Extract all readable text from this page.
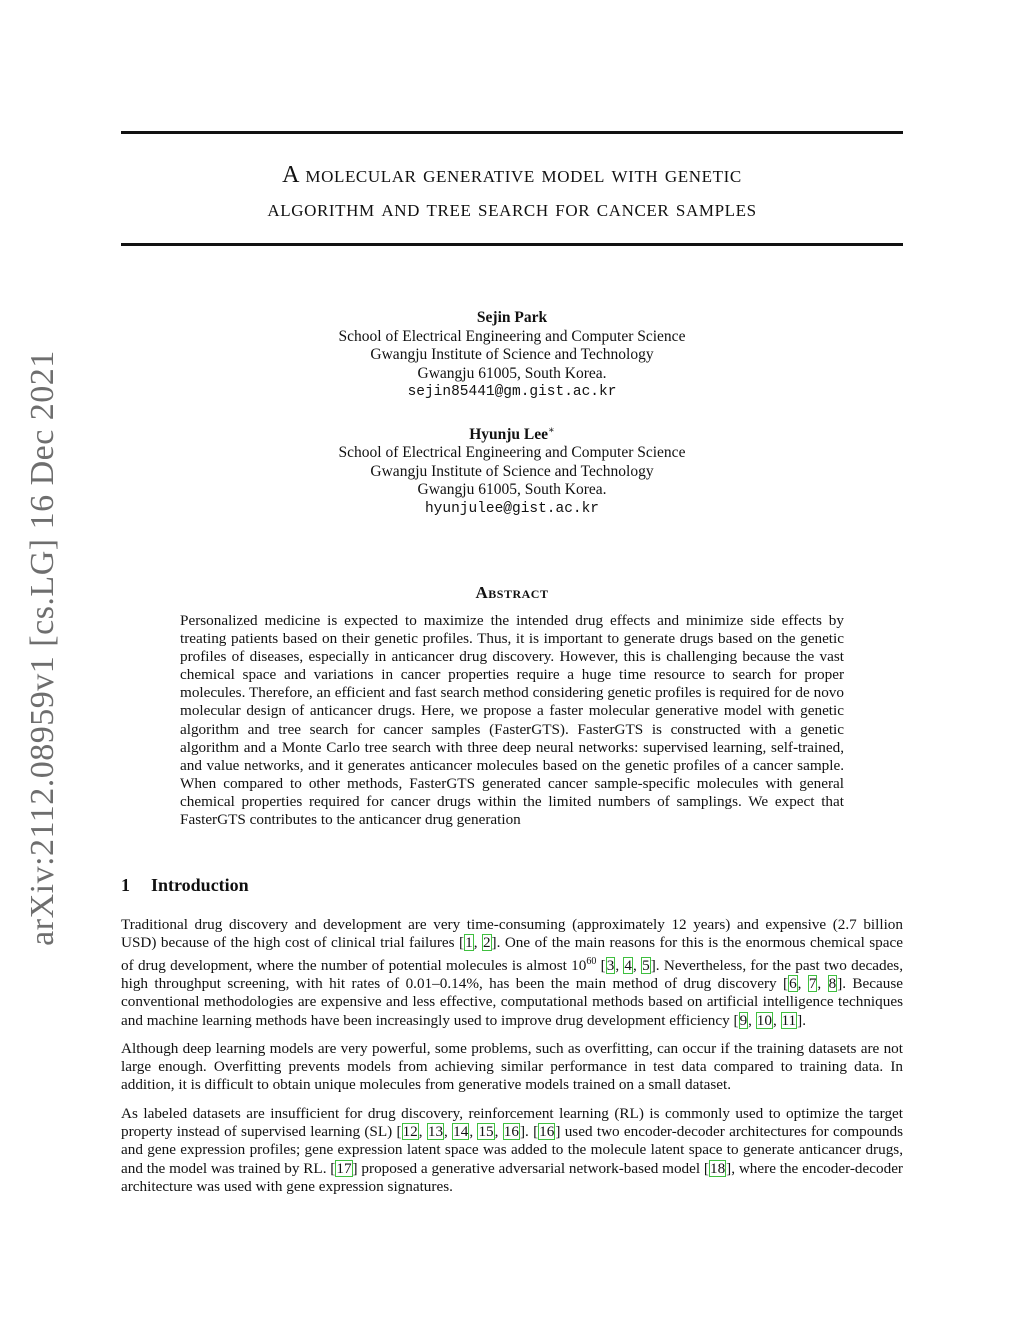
arXiv:2112.08959v1 [cs.LG] 16 Dec 2021
A molecular generative model with genetic
algorithm and tree search for cancer samples
Sejin Park
School of Electrical Engineering and Computer Science
Gwangju Institute of Science and Technology
Gwangju 61005, South Korea.
sejin85441@gm.gist.ac.kr
Hyunju Lee∗
School of Electrical Engineering and Computer Science
Gwangju Institute of Science and Technology
Gwangju 61005, South Korea.
hyunjulee@gist.ac.kr
Abstract
Personalized medicine is expected to maximize the intended drug effects and minimize side effects by treating patients based on their genetic profiles. Thus, it is important to generate drugs based on the genetic profiles of diseases, especially in anticancer drug discovery. However, this is challenging because the vast chemical space and variations in cancer properties require a huge time resource to search for proper molecules. Therefore, an efficient and fast search method considering genetic profiles is required for de novo molecular design of anticancer drugs. Here, we propose a faster molecular generative model with genetic algorithm and tree search for cancer samples (FasterGTS). FasterGTS is constructed with a genetic algorithm and a Monte Carlo tree search with three deep neural networks: supervised learning, self-trained, and value networks, and it generates anticancer molecules based on the genetic profiles of a cancer sample. When compared to other methods, FasterGTS generated cancer sample-specific molecules with general chemical properties required for cancer drugs within the limited numbers of samplings. We expect that FasterGTS contributes to the anticancer drug generation
1 Introduction

Traditional drug discovery and development are very time-consuming (approximately 12 years) and expensive (2.7 billion USD) because of the high cost of clinical trial failures [1, 2]. One of the main reasons for this is the enormous chemical space of drug development, where the number of potential molecules is almost $10^{60}$ [3, 4, 5]. Nevertheless, for the past two decades, high throughput screening, with hit rates of 0.01–0.14%, has been the main method of drug discovery [6, 7, 8]. Because conventional methodologies are expensive and less effective, computational methods based on artificial intelligence techniques and machine learning methods have been increasingly used to improve drug development efficiency [9, 10, 11].

Although deep learning models are very powerful, some problems, such as overfitting, can occur if the training datasets are not large enough. Overfitting prevents models from achieving similar performance in test data compared to training data. In addition, it is difficult to obtain unique molecules from generative models trained on a small dataset.

As labeled datasets are insufficient for drug discovery, reinforcement learning (RL) is commonly used to optimize the target property instead of supervised learning (SL) [12, 13, 14, 15, 16]. [16] used two encoder-decoder architectures for compounds and gene expression profiles; gene expression latent space was added to the molecule latent space to generate anticancer drugs, and the model was trained by RL. [17] proposed a generative adversarial network-based model [18], where the encoder-decoder architecture was used with gene expression signatures.
